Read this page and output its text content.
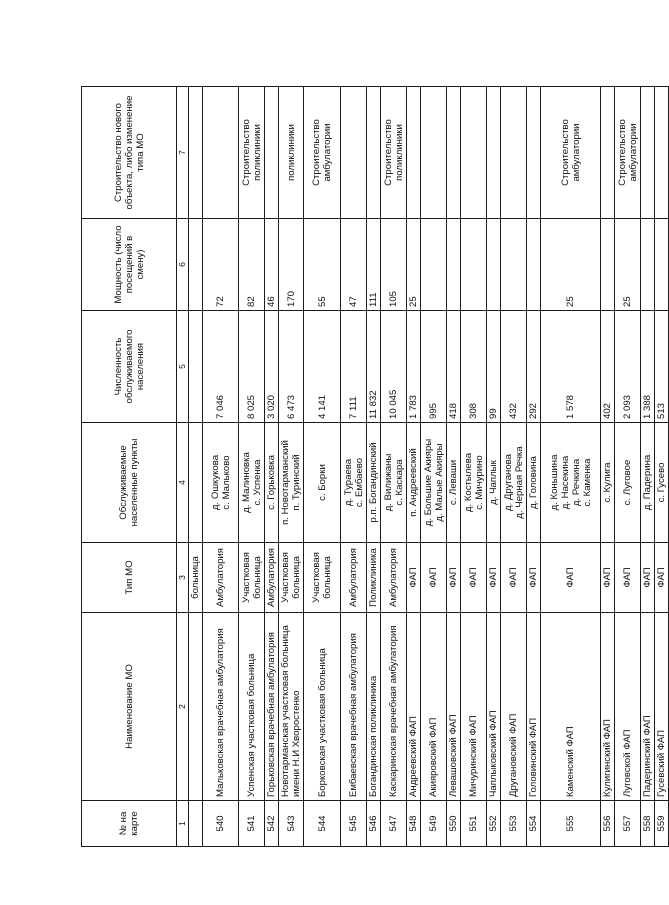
№ на карте	Наименование МО	Тип МО	Обслуживаемые населенные пункты	Численность обслуживаемого населения	Мощность (число посещений в смену)	Строительство нового объекта, либо изменение типа МО
1	2	3	4	5	6	7

		больница				

540	Мальковская врачебная амбулатория	Амбулатория	д. Ошкукова с. Мальково	7 046	72	
541	Успенская участковая больница	Участковая больница	д. Малиновка с. Успенка	8 025	82	Строительство поликлиники

542	Горьковская врачебная амбулатория	Амбулатория	с. Горьковка	3 020	46	
543	Новотарманская участковая больница имени Н.И Хвоpостенко	Участковая больница	п. Новотарманский п. Туринский	6 473	170	поликлиники

544	Борковская участковая больница	Участковая больница	с. Борки	4 141	55	Строительство амбулатории

545	Ембаевская врачебная амбулатория	Амбулатория	д. Тураева с. Ембаево	7 111	47	
546	Богандинская поликлиника	Поликлиника	р.п. Богандинский	11 832	111	
547	Каскаринская врачебная амбулатория	Амбулатория	д. Вилижаны с. Каскара	10 045	105	Строительство поликлиники

548	Андреевский ФАП	ФАП	п. Андреевский	1 783	25	
549	Акияровский ФАП	ФАП	д. Большие Акияры д. Малые Акияры	995		

550	Левашовский ФАП	ФАП	с. Леваши	418		

551	Мичуринский ФАП	ФАП	д. Костылева с. Мичурино	308		

552	Чаплыковский ФАП	ФАП	д. Чаплык	99		

553	Другановский ФАП	ФАП	д. Друганова д. Черная Речка	432		

554	Головинский ФАП	ФАП	д. Головина	292		

555	Каменский ФАП	ФАП	д. Коньшина д. Насекина д. Речкина с. Каменка	1 578	25	Строительство амбулатории

556	Кулигинский ФАП	ФАП	с. Кулига	402		

557	Луговской ФАП	ФАП	с. Луговое	2 093	25	Строительство амбулатории

558	Падеринский ФАП	ФАП	д. Падерина	1 388		

559	Гусевский ФАП	ФАП	с. Гусево	513		
